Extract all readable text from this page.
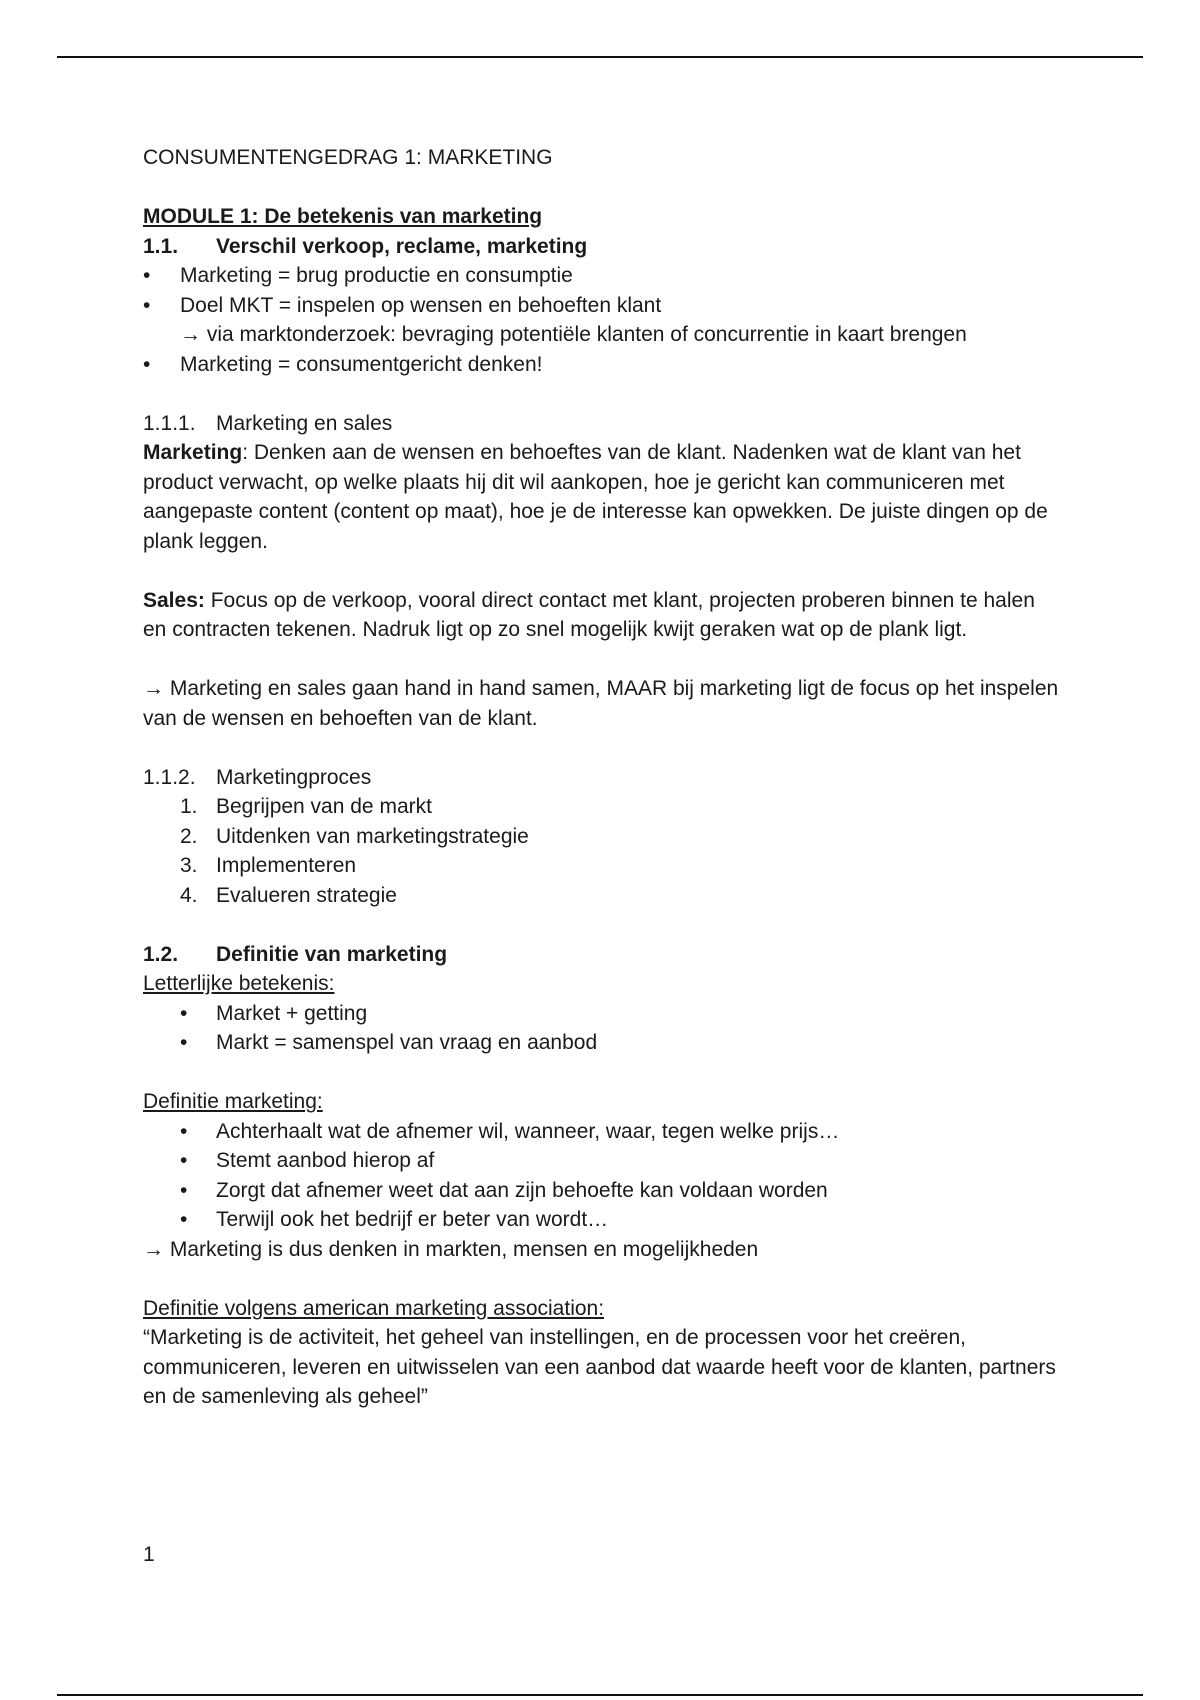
CONSUMENTENGEDRAG 1: MARKETING

MODULE 1: De betekenis van marketing

1.1.	Verschil verkoop, reclame, marketing
•	Marketing = brug productie en consumptie
•	Doel MKT = inspelen op wensen en behoeften klant

→ via marktonderzoek: bevraging potentiële klanten of concurrentie in kaart brengen

•	Marketing = consumentgericht denken!
1.1.1. Marketing en sales

Marketing: Denken aan de wensen en behoeftes van de klant. Nadenken wat de klant van het product verwacht, op welke plaats hij dit wil aankopen, hoe je gericht kan communiceren met aangepaste content (content op maat), hoe je de interesse kan opwekken. De juiste dingen op de plank leggen.

Sales: Focus op de verkoop, vooral direct contact met klant, projecten proberen binnen te halen en contracten tekenen. Nadruk ligt op zo snel mogelijk kwijt geraken wat op de plank ligt.

→ Marketing en sales gaan hand in hand samen, MAAR bij marketing ligt de focus op het inspelen van de wensen en behoeften van de klant.

1.1.2. Marketingproces
1. Begrijpen van de markt
2. Uitdenken van marketingstrategie
3. Implementeren
4. Evalueren strategie
1.2.	Definitie van marketing

Letterlijke betekenis:

•	Market + getting
•	Markt = samenspel van vraag en aanbod

Definitie marketing:

•	Achterhaalt wat de afnemer wil, wanneer, waar, tegen welke prijs…
•	Stemt aanbod hierop af
•	Zorgt dat afnemer weet dat aan zijn behoefte kan voldaan worden
•	Terwijl ook het bedrijf er beter van wordt…

→ Marketing is dus denken in markten, mensen en mogelijkheden

Definitie volgens american marketing association:

“Marketing is de activiteit, het geheel van instellingen, en de processen voor het creëren, communiceren, leveren en uitwisselen van een aanbod dat waarde heeft voor de klanten, partners en de samenleving als geheel”

1
